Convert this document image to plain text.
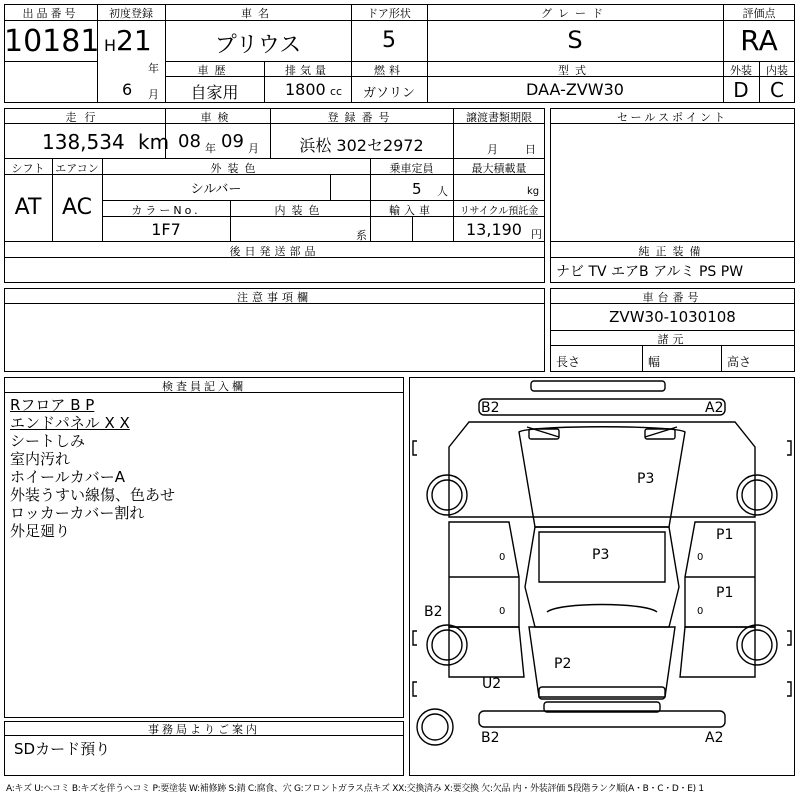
出品番号
10181
初度登録
H 21
年
6 月
車名
プリウス
ドア形状
5
グレード
S
評価点
RA
車歴
自家用
排気量
1800 cc
燃料
ガソリン
型式
DAA-ZVW30
外装
D
内装
C
走行
138,534 km
車検
08 年 09 月
登録番号
浜松 302セ2972
譲渡書類期限
月 日
シフト
AT
エアコン
AC
外装色
シルバー
乗車定員
5 人
最大積載量
kg
カラーNo.
1F7
内装色
系
輸入車	リサイクル預託金
13,190 円
後日発送部品
セールスポイント
純正装備
ナビ TV エアB アルミ PS PW
注意事項欄	車台番号
ZVW30-1030108
諸元
長さ	幅	高さ
検査員記入欄
Rフロア B P
エンドパネル X X
シートしみ
室内汚れ
ホイールカバーA
外装うすい線傷、色あせ
ロッカーカバー割れ
外足廻り
事務局よりご案内
SDカード預り
B2	A2
P3
P1
P3
P1
B2
P2
U2
B2	A2
0
0
0
0
A:キズ U:ヘコミ B:キズを伴うヘコミ P:要塗装 W:補修跡 S:錆 C:腐食、穴 G:フロントガラス点キズ XX:交換済み X:要交換 欠:欠品 内・外装評価 5段階ランク順(A・B・C・D・E) 1
